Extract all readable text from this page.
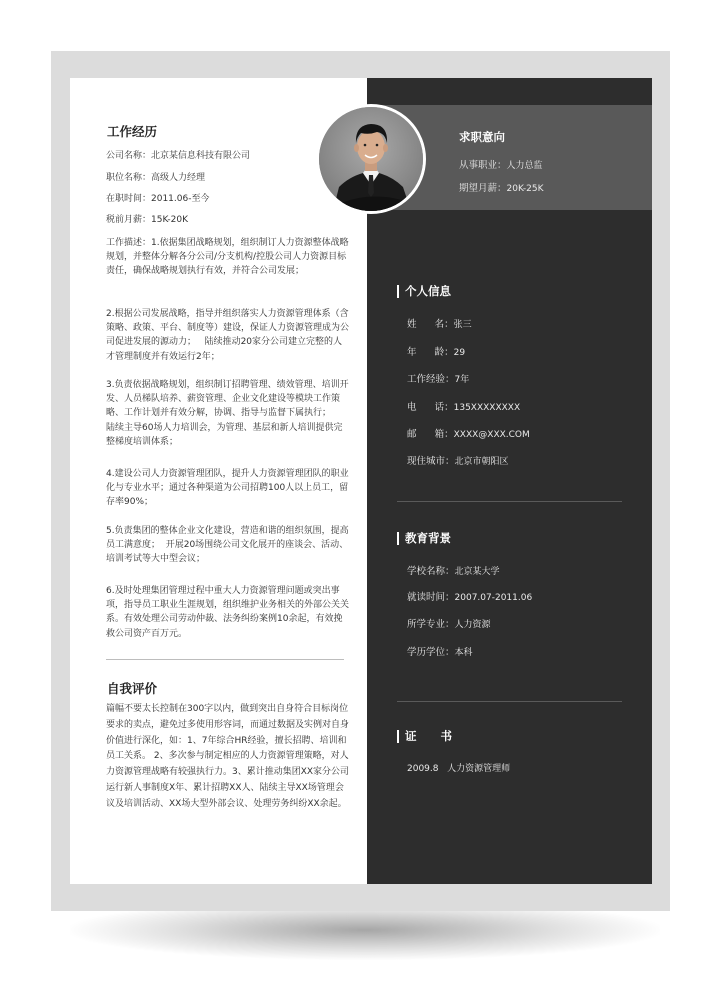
求职意向
从事职业：人力总监
期望月薪：20K-25K
个人信息
姓      名：张三
年      龄：29
工作经验：7年
电      话：135XXXXXXXX
邮      箱：XXXX@XXX.COM
现住城市：北京市朝阳区
教育背景
学校名称：北京某大学
就读时间：2007.07-2011.06
所学专业：人力资源
学历学位：本科
证      书
2009.8   人力资源管理师
工作经历
公司名称：北京某信息科技有限公司
职位名称：高级人力经理
在职时间：2011.06-至今
税前月薪：15K-20K
工作描述：1.依据集团战略规划，组织制订人力资源整体战略规划，并整体分解各分公司/分支机构/控股公司人力资源目标责任，确保战略规划执行有效，并符合公司发展；
2.根据公司发展战略，指导并组织落实人力资源管理体系（含策略、政策、平台、制度等）建设，保证人力资源管理成为公司促进发展的源动力；   陆续推动20家分公司建立完整的人才管理制度并有效运行2年；
3.负责依据战略规划，组织制订招聘管理、绩效管理、培训开发、人员梯队培养、薪资管理、企业文化建设等模块工作策略、工作计划并有效分解，协调、指导与监督下属执行；      陆续主导60场人力培训会，为管理、基层和新人培训提供完整梯度培训体系；
4.建设公司人力资源管理团队，提升人力资源管理团队的职业化与专业水平；通过各种渠道为公司招聘100人以上员工，留存率90%；
5.负责集团的整体企业文化建设，营造和谐的组织氛围，提高员工满意度；  开展20场围绕公司文化展开的座谈会、活动、培训考试等大中型会议；
6.及时处理集团管理过程中重大人力资源管理问题或突出事项，指导员工职业生涯规划，组织维护业务相关的外部公关关系。有效处理公司劳动仲裁、法务纠纷案例10余起，有效挽救公司资产百万元。
自我评价
篇幅不要太长控制在300字以内，做到突出自身符合目标岗位要求的卖点，避免过多使用形容词，而通过数据及实例对自身价值进行深化，如：1、7年综合HR经验，擅长招聘、培训和员工关系。 2、多次参与制定相应的人力资源管理策略，对人力资源管理战略有较强执行力。3、累计推动集团XX家分公司运行新人事制度X年、累计招聘XX人、陆续主导XX场管理会议及培训活动、XX场大型外部会议、处理劳务纠纷XX余起。
